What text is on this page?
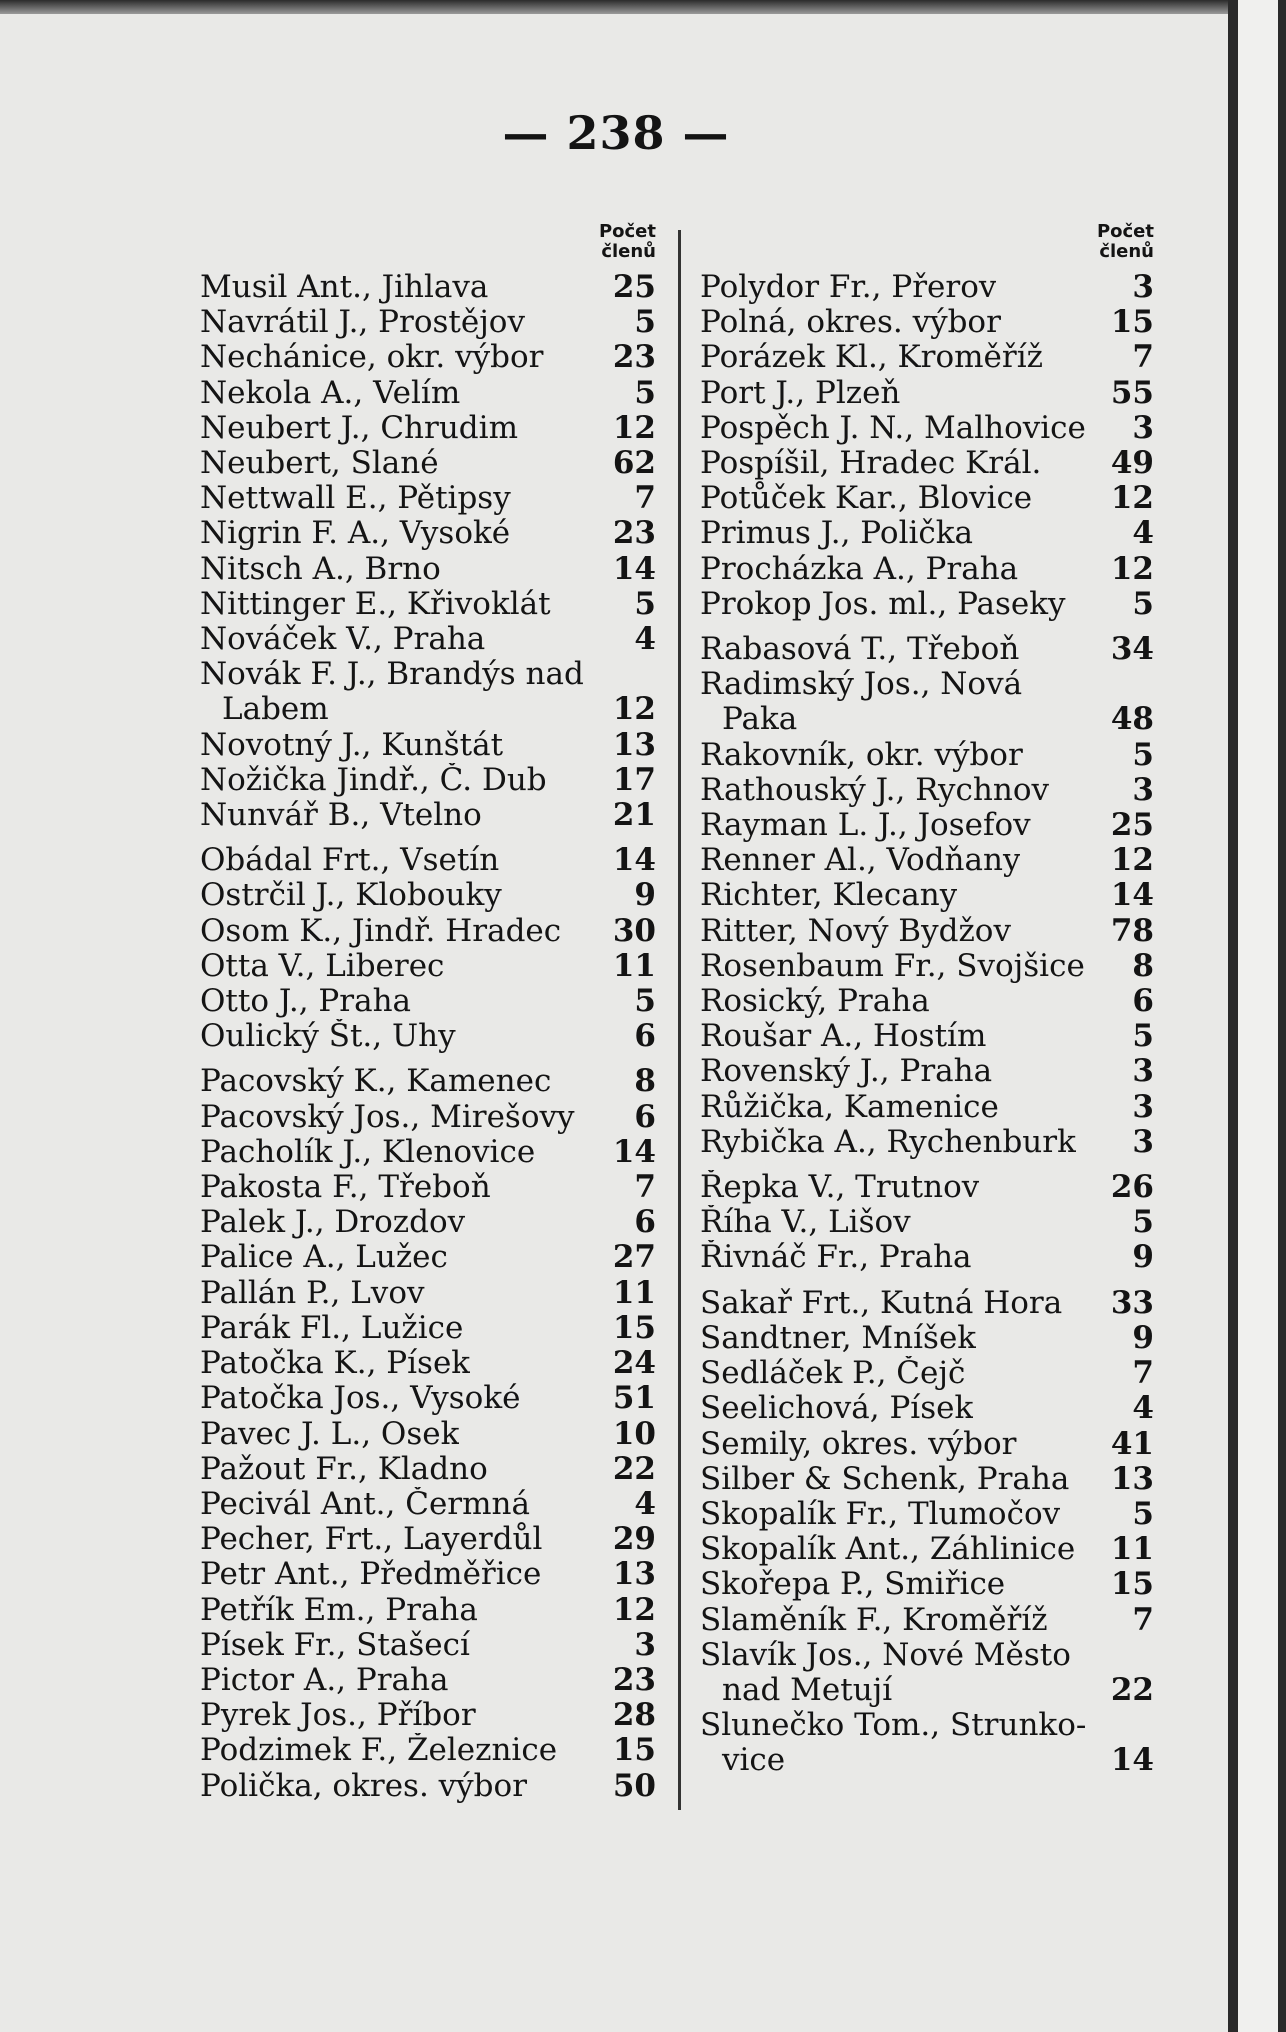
— 238 —
Počet
členů
Musil Ant., Jihlava	25
Navrátil J., Prostějov	5
Nechánice, okr. výbor 23
Nekola A., Velím	5
Neubert J., Chrudim	12
Neubert, Slané	62
Nettwall E., Pětipsy	7
Nigrin F. A., Vysoké	23
Nitsch A., Brno	14
Nittinger E., Křivoklát	5
Nováček V., Praha	4
Novák F. J., Brandýs nad
Labem	12
Novotný J., Kunštát	13
Nožička Jindř., Č. Dub 17
Nunvář B., Vtelno	21
Obádal Frt., Vsetín	14
Ostrčil J., Klobouky	9
Osom K., Jindř. Hradec 30
Otta V., Liberec	11
Otto J., Praha	5
Oulický Št., Uhy	6
Pacovský K., Kamenec	8
Pacovský Jos., Mirešovy 6
Pacholík J., Klenovice	14
Pakosta F., Třeboň	7
Palek J., Drozdov	6
Palice A., Lužec	27
Pallán P., Lvov	11
Parák Fl., Lužice	15
Patočka K., Písek	24
Patočka Jos., Vysoké	51
Pavec J. L., Osek	10
Pažout Fr., Kladno	22
Pecivál Ant., Čermná	4
Pecher, Frt., Layerdůl 29
Petr Ant., Předměřice 13
Petřík Em., Praha	12
Písek Fr., Stašecí	3
Pictor A., Praha	23
Pyrek Jos., Příbor	28
Podzimek F., Železnice 15
Polička, okres. výbor	50
Počet
členů
Polydor Fr., Přerov	3
Polná, okres. výbor	15
Porázek Kl., Kroměříž	7
Port J., Plzeň	55
Pospěch J. N., Malhovice 3
Pospíšil, Hradec Král. 49
Potůček Kar., Blovice	12
Primus J., Polička	4
Procházka A., Praha	12
Prokop Jos. ml., Paseky 5
Rabasová T., Třeboň	34
Radimský Jos., Nová
Paka	48
Rakovník, okr. výbor	5
Rathouský J., Rychnov	3
Rayman L. J., Josefov	25
Renner Al., Vodňany	12
Richter, Klecany	14
Ritter, Nový Bydžov	78
Rosenbaum Fr., Svojšice 8
Rosický, Praha	6
Roušar A., Hostím	5
Rovenský J., Praha	3
Růžička, Kamenice	3
Rybička A., Rychenburk 3
Řepka V., Trutnov	26
Říha V., Lišov	5
Řivnáč Fr., Praha	9
Sakař Frt., Kutná Hora 33
Sandtner, Mníšek	9
Sedláček P., Čejč	7
Seelichová, Písek	4
Semily, okres. výbor	41
Silber & Schenk, Praha 13
Skopalík Fr., Tlumočov 5
Skopalík Ant., Záhlinice 11
Skořepa P., Smiřice	15
Slaměník F., Kroměříž	7
Slavík Jos., Nové Město
nad Metují	22
Slunečko Tom., Strunko-
vice	14
